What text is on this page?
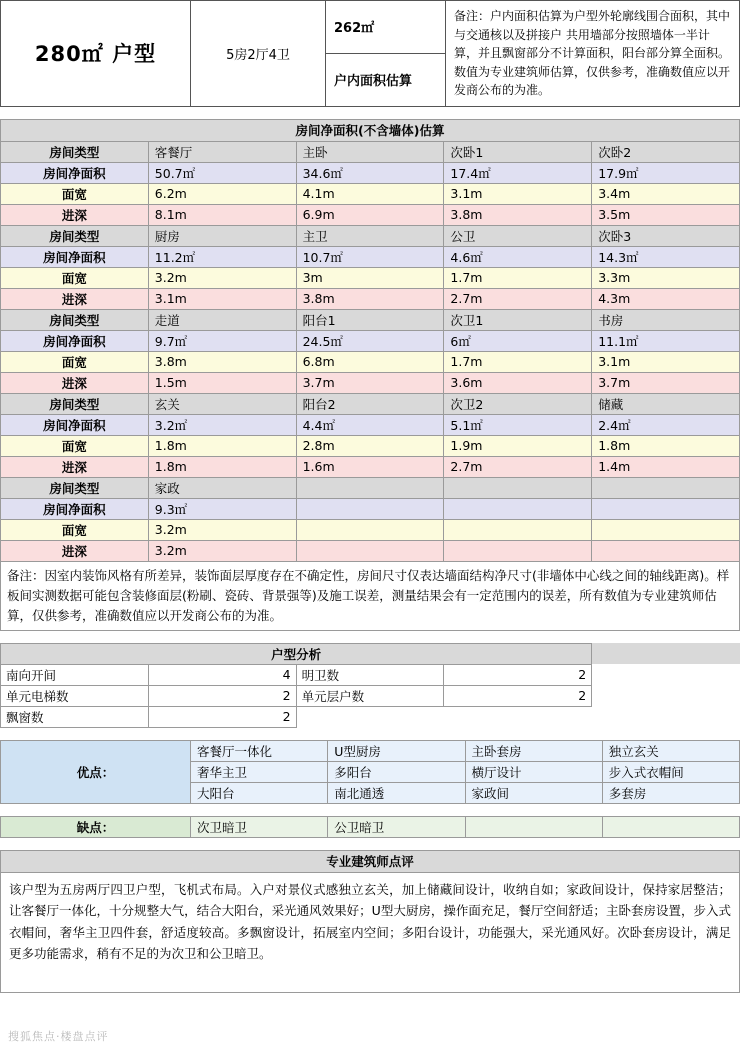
280㎡ 户型	5房2厅4卫	262㎡	备注：户内面积估算为户型外轮廓线围合面积，其中与交通核以及拼接户 共用墙部分按照墙体一半计算，并且飘窗部分不计算面积，阳台部分算全面积。数值为专业建筑师估算，仅供参考，准确数值应以开发商公布的为准。
户内面积估算
房间净面积(不含墙体)估算				
房间类型	客餐厅	主卧	次卧1	次卧2
房间净面积	50.7㎡	34.6㎡	17.4㎡	17.9㎡
面宽	6.2m	4.1m	3.1m	3.4m
进深	8.1m	6.9m	3.8m	3.5m
房间类型	厨房	主卫	公卫	次卧3
房间净面积	11.2㎡	10.7㎡	4.6㎡	14.3㎡
面宽	3.2m	3m	1.7m	3.3m
进深	3.1m	3.8m	2.7m	4.3m
房间类型	走道	阳台1	次卫1	书房
房间净面积	9.7㎡	24.5㎡	6㎡	11.1㎡
面宽	3.8m	6.8m	1.7m	3.1m
进深	1.5m	3.7m	3.6m	3.7m
房间类型	玄关	阳台2	次卫2	储藏
房间净面积	3.2㎡	4.4㎡	5.1㎡	2.4㎡
面宽	1.8m	2.8m	1.9m	1.8m
进深	1.8m	1.6m	2.7m	1.4m
房间类型	家政			
房间净面积	9.3㎡			
面宽	3.2m			
进深	3.2m			
备注：因室内装饰风格有所差异，装饰面层厚度存在不确定性，房间尺寸仅表达墙面结构净尺寸(非墙体中心线之间的轴线距离)。样板间实测数据可能包含装修面层(粉刷、瓷砖、背景强等)及施工误差，测量结果会有一定范围内的误差，所有数值为专业建筑师估算，仅供参考，准确数值应以开发商公布的为准。				
户型分析				
南向开间	4	明卫数	2	
单元电梯数	2	单元层户数	2	
飘窗数	2			
优点：	客餐厅一体化	U型厨房	主卧套房	独立玄关
	奢华主卫	多阳台	横厅设计	步入式衣帽间
	大阳台	南北通透	家政间	多套房
缺点：	次卫暗卫	公卫暗卫		
专业建筑师点评
该户型为五房两厅四卫户型，飞机式布局。入户对景仪式感独立玄关，加上储藏间设计，收纳自如；家政间设计，保持家居整洁；让客餐厅一体化，十分规整大气，结合大阳台，采光通风效果好；U型大厨房，操作面充足，餐厅空间舒适；主卧套房设置，步入式衣帽间，奢华主卫四件套，舒适度较高。多飘窗设计，拓展室内空间；多阳台设计，功能强大，采光通风好。次卧套房设计，满足更多功能需求，稍有不足的为次卫和公卫暗卫。
搜狐焦点·楼盘点评
